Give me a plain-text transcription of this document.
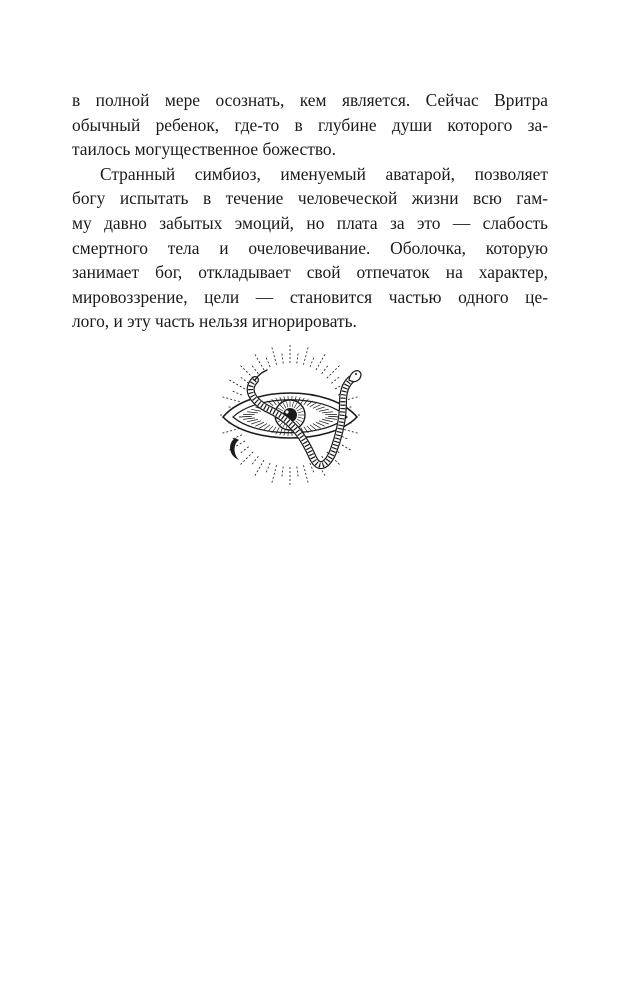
в полной мере осознать, кем является. Сейчас Вритра
обычный ребенок, где-то в глубине души которого за-
таилось могущественное божество.

Странный симбиоз, именуемый аватарой, позволяет
богу испытать в течение человеческой жизни всю гам-
му давно забытых эмоций, но плата за это — слабость
смертного тела и очеловечивание. Оболочка, которую
занимает бог, откладывает свой отпечаток на характер,
мировоззрение, цели — становится частью одного це-
лого, и эту часть нельзя игнорировать.
